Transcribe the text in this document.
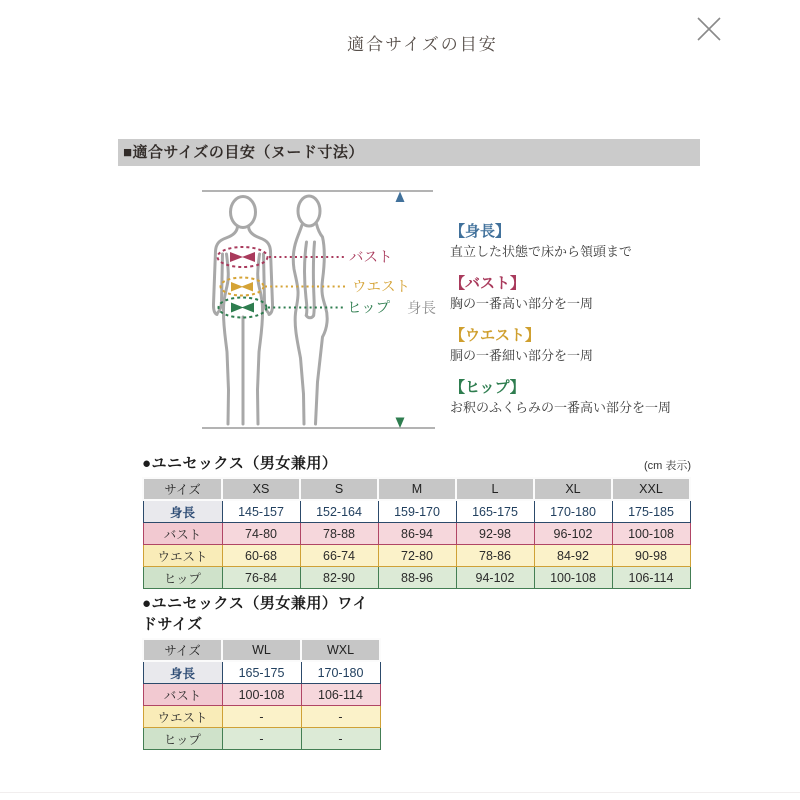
適合サイズの目安
■適合サイズの目安（ヌード寸法）
バスト
ウエスト
ヒップ 身長
【身長】
直立した状態で床から領頭まで
【バスト】
胸の一番高い部分を一周
【ウエスト】
胴の一番細い部分を一周
【ヒップ】
お釈のふくらみの一番高い部分を一周
●ユニセックス（男女兼用）	(cm 表示)
サイズ	XS	S	M	L	XL	XXL
身長	145-157	152-164	159-170	165-175	170-180	175-185
バスト	74-80	78-88	86-94	92-98	96-102	100-108
ウエスト	60-68	66-74	72-80	78-86	84-92	90-98
ヒップ	76-84	82-90	88-96	94-102	100-108	106-114
●ユニセックス（男女兼用）ワイドサイズ
サイズ	WL	WXL
身長	165-175	170-180
バスト	100-108	106-114
ウエスト	-	-
ヒップ	-	-
